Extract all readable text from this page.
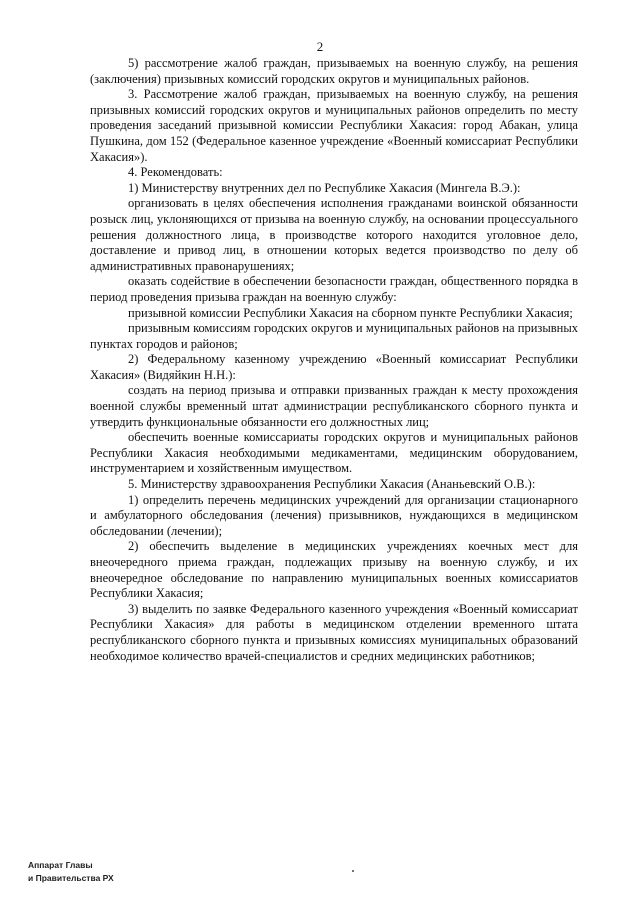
2

5) рассмотрение жалоб граждан, призываемых на военную службу, на решения (заключения) призывных комиссий городских округов и муниципальных районов.

3. Рассмотрение жалоб граждан, призываемых на военную службу, на решения призывных комиссий городских округов и муниципальных районов определить по месту проведения заседаний призывной комиссии Республики Хакасия: город Абакан, улица Пушкина, дом 152 (Федеральное казенное учреждение «Военный комиссариат Республики Хакасия»).

4. Рекомендовать:

1) Министерству внутренних дел по Республике Хакасия (Мингела В.Э.):

организовать в целях обеспечения исполнения гражданами воинской обязанности розыск лиц, уклоняющихся от призыва на военную службу, на основании процессуального решения должностного лица, в производстве которого находится уголовное дело, доставление и привод лиц, в отношении которых ведется производство по делу об административных правонарушениях;

оказать содействие в обеспечении безопасности граждан, общественного порядка в период проведения призыва граждан на военную службу:

призывной комиссии Республики Хакасия на сборном пункте Республики Хакасия;

призывным комиссиям городских округов и муниципальных районов на призывных пунктах городов и районов;

2) Федеральному казенному учреждению «Военный комиссариат Республики Хакасия» (Видяйкин Н.Н.):

создать на период призыва и отправки призванных граждан к месту прохождения военной службы временный штат администрации республиканского сборного пункта и утвердить функциональные обязанности его должностных лиц;

обеспечить военные комиссариаты городских округов и муниципальных районов Республики Хакасия необходимыми медикаментами, медицинским оборудованием, инструментарием и хозяйственным имуществом.

5. Министерству здравоохранения Республики Хакасия (Ананьевский О.В.):

1) определить перечень медицинских учреждений для организации стационарного и амбулаторного обследования (лечения) призывников, нуждающихся в медицинском обследовании (лечении);

2) обеспечить выделение в медицинских учреждениях коечных мест для внеочередного приема граждан, подлежащих призыву на военную службу, и их внеочередное обследование по направлению муниципальных военных комиссариатов Республики Хакасия;

3) выделить по заявке Федерального казенного учреждения «Военный комиссариат Республики Хакасия» для работы в медицинском отделении временного штата республиканского сборного пункта и призывных комиссиях муниципальных образований необходимое количество врачей-специалистов и средних медицинских работников;

Аппарат Главы
и Правительства РХ
